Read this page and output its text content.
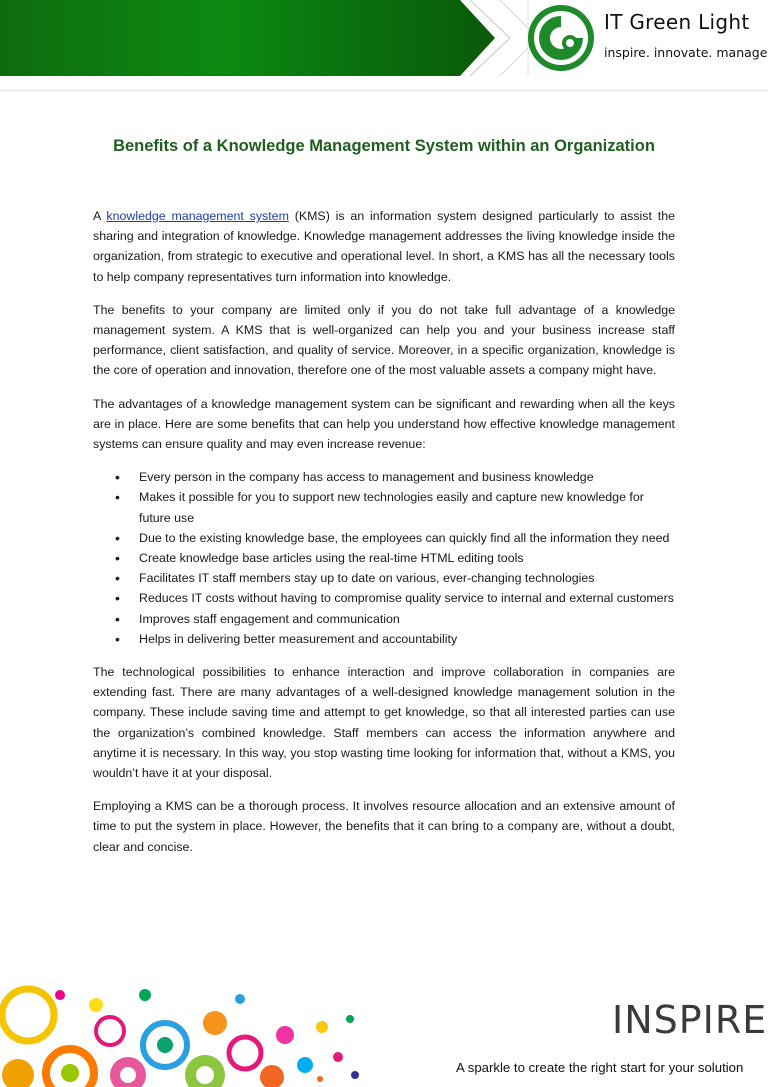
IT Green Light
inspire. innovate. manage
Benefits of a Knowledge Management System within an Organization

A knowledge management system (KMS) is an information system designed particularly to assist the sharing and integration of knowledge. Knowledge management addresses the living knowledge inside the organization, from strategic to executive and operational level. In short, a KMS has all the necessary tools to help company representatives turn information into knowledge.

The benefits to your company are limited only if you do not take full advantage of a knowledge management system. A KMS that is well-organized can help you and your business increase staff performance, client satisfaction, and quality of service. Moreover, in a specific organization, knowledge is the core of operation and innovation, therefore one of the most valuable assets a company might have.

The advantages of a knowledge management system can be significant and rewarding when all the keys are in place. Here are some benefits that can help you understand how effective knowledge management systems can ensure quality and may even increase revenue:

• Every person in the company has access to management and business knowledge
• Makes it possible for you to support new technologies easily and capture new knowledge for future use
• Due to the existing knowledge base, the employees can quickly find all the information they need
• Create knowledge base articles using the real-time HTML editing tools
• Facilitates IT staff members stay up to date on various, ever-changing technologies
• Reduces IT costs without having to compromise quality service to internal and external customers
• Improves staff engagement and communication
• Helps in delivering better measurement and accountability

The technological possibilities to enhance interaction and improve collaboration in companies are extending fast. There are many advantages of a well-designed knowledge management solution in the company. These include saving time and attempt to get knowledge, so that all interested parties can use the organization’s combined knowledge. Staff members can access the information anywhere and anytime it is necessary. In this way, you stop wasting time looking for information that, without a KMS, you wouldn’t have it at your disposal.

Employing a KMS can be a thorough process. It involves resource allocation and an extensive amount of time to put the system in place. However, the benefits that it can bring to a company are, without a doubt, clear and concise.

INSPIRE
A sparkle to create the right start for your solution
